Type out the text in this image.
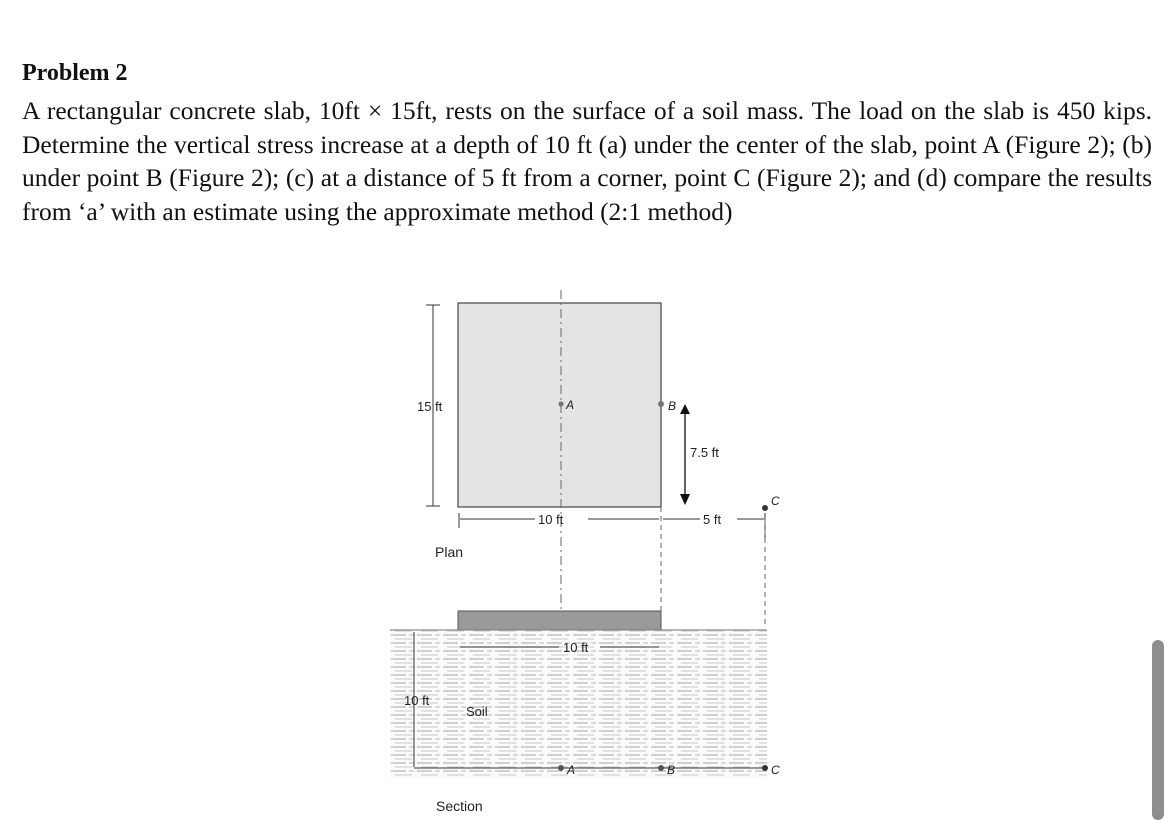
Problem 2
A rectangular concrete slab, 10ft × 15ft, rests on the surface of a soil mass. The load on the slab is 450 kips. Determine the vertical stress increase at a depth of 10 ft (a) under the center of the slab, point A (Figure 2); (b) under point B (Figure 2); (c) at a distance of 5 ft from a corner, point C (Figure 2); and (d) compare the results from ‘a’ with an estimate using the approximate method (2:1 method)
15 ft	A	B
7.5 ft
C
10 ft	5 ft
Plan
10 ft
10 ft
Soil
A	B	C
Section
